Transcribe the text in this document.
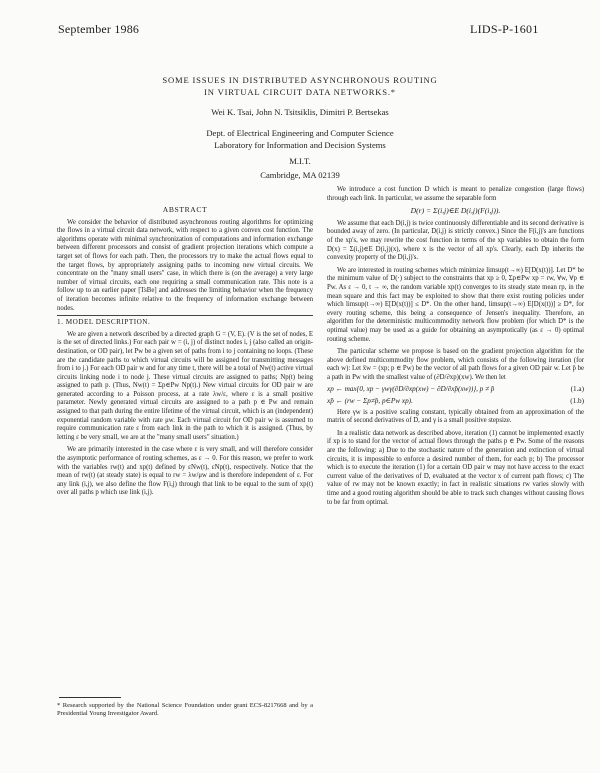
September 1986	LIDS-P-1601
SOME ISSUES IN DISTRIBUTED ASYNCHRONOUS ROUTING
IN VIRTUAL CIRCUIT DATA NETWORKS.*
Wei K. Tsai, John N. Tsitsiklis, Dimitri P. Bertsekas
Dept. of Electrical Engineering and Computer Science
Laboratory for Information and Decision Systems
M.I.T.
Cambridge, MA 02139
ABSTRACT

We consider the behavior of distributed asynchronous routing algorithms for optimizing the flows in a virtual circuit data network, with respect to a given convex cost function. The algorithms operate with minimal synchronization of computations and information exchange between different processors and consist of gradient projection iterations which compute a target set of flows for each path. Then, the processors try to make the actual flows equal to the target flows, by appropriately assigning paths to incoming new virtual circuits. We concentrate on the "many small users" case, in which there is (on the average) a very large number of virtual circuits, each one requiring a small communication rate. This note is a follow up to an earlier paper [TsBe] and addresses the limiting behavior when the frequency of iteration becomes infinite relative to the frequency of information exchange between nodes.

1. MODEL DESCRIPTION.

We are given a network described by a directed graph G = (V, E). (V is the set of nodes, E is the set of directed links.) For each pair w = (i, j) of distinct nodes i, j (also called an origin-destination, or OD pair), let Pw be a given set of paths from i to j containing no loops. (These are the candidate paths to which virtual circuits will be assigned for transmitting messages from i to j.) For each OD pair w and for any time t, there will be a total of Nw(t) active virtual circuits linking node i to node j. These virtual circuits are assigned to paths; Np(t) being assigned to path p. (Thus, Nw(t) = Σp∈Pw Np(t).) New virtual circuits for OD pair w are generated according to a Poisson process, at a rate λw/ε, where ε is a small positive parameter. Newly generated virtual circuits are assigned to a path p ∈ Pw and remain assigned to that path during the entire lifetime of the virtual circuit, which is an (independent) exponential random variable with rate μw. Each virtual circuit for OD pair w is assumed to require communication rate ε from each link in the path to which it is assigned. (Thus, by letting ε be very small, we are at the "many small users" situation.)

We are primarily interested in the case where ε is very small, and will therefore consider the asymptotic performance of routing schemes, as ε → 0. For this reason, we prefer to work with the variables rw(t) and xp(t) defined by εNw(t), εNp(t), respectively. Notice that the mean of rw(t) (at steady state) is equal to rw = λw/μw and is therefore independent of ε. For any link (i,j), we also define the flow F(i,j) through that link to be equal to the sum of xp(t) over all paths p which use link (i,j).

* Research supported by the National Science Foundation under grant ECS-8217668 and by a Presidential Young Investigator Award.

We introduce a cost function D which is meant to penalize congestion (large flows) through each link. In particular, we assume the separable form

D(r) = Σ(i,j)∈E D(i,j)(F(i,j)).

We assume that each D(i,j) is twice continuously differentiable and its second derivative is bounded away of zero. (In particular, D(i,j) is strictly convex.) Since the F(i,j)'s are functions of the xp's, we may rewrite the cost function in terms of the xp variables to obtain the form D(x) = Σ(i,j)∈E D(i,j)(x), where x is the vector of all xp's. Clearly, each Dp inherits the convexity property of the D(i,j)'s.

We are interested in routing schemes which minimize limsup(t→∞) E[D(x(t))]. Let D* be the minimum value of D(·) subject to the constraints that xp ≥ 0, Σp∈Pw xp = rw, ∀w, ∀p ∈ Pw. As ε → 0, t → ∞, the random variable xp(t) converges to its steady state mean rp, in the mean square and this fact may be exploited to show that there exist routing policies under which limsup(t→∞) E[D(x(t))] ≤ D*. On the other hand, limsup(t→∞) E[D(x(t))] ≥ D*, for every routing scheme, this being a consequence of Jensen's inequality. Therefore, an algorithm for the deterministic multicommodity network flow problem (for which D* is the optimal value) may be used as a guide for obtaining an asymptotically (as ε → 0) optimal routing scheme.

The particular scheme we propose is based on the gradient projection algorithm for the above defined multicommodity flow problem, which consists of the following iteration (for each w): Let x̄w = (xp; p ∈ Pw) be the vector of all path flows for a given OD pair w. Let p̄ be a path in Pw with the smallest value of (∂D/∂xp)(xw). We then let

xp ← max{0, xp − γwγ(∂D/∂xp(xw) − ∂D/∂xp̄(xw))}, p ≠ p̄	(1.a)
xp̄ ← (rw − Σp≠p̄, p∈Pw xp).	(1.b)

Here γw is a positive scaling constant, typically obtained from an approximation of the matrix of second derivatives of D, and γ is a small positive stepsize.

In a realistic data network as described above, iteration (1) cannot be implemented exactly if xp is to stand for the vector of actual flows through the paths p ∈ Pw. Some of the reasons are the following: a) Due to the stochastic nature of the generation and extinction of virtual circuits, it is impossible to enforce a desired number of them, for each p; b) The processor which is to execute the iteration (1) for a certain OD pair w may not have access to the exact current value of the derivatives of D, evaluated at the vector x of current path flows; c) The value of rw may not be known exactly; in fact in realistic situations rw varies slowly with time and a good routing algorithm should be able to track such changes without causing flows to be far from optimal.
